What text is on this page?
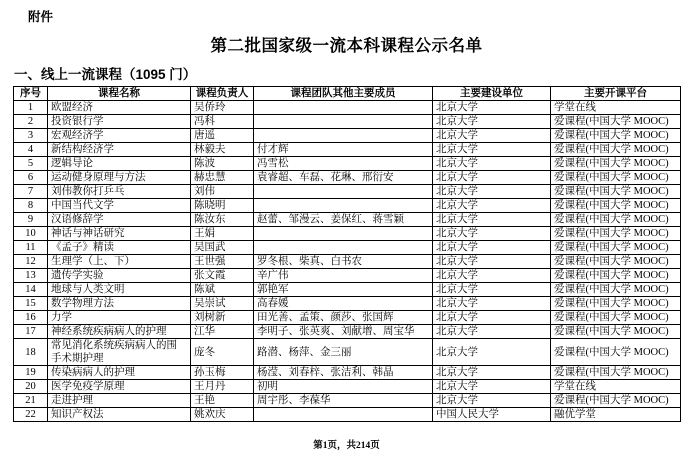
附件
第二批国家级一流本科课程公示名单
一、线上一流课程（1095 门）
序号	课程名称	课程负责人	课程团队其他主要成员	主要建设单位	主要开课平台
1	欧盟经济	吴侨玲		北京大学	学堂在线
2	投资银行学	冯科		北京大学	爱课程(中国大学 MOOC)
3	宏观经济学	唐遥		北京大学	爱课程(中国大学 MOOC)
4	新结构经济学	林毅夫	付才辉	北京大学	爱课程(中国大学 MOOC)
5	逻辑导论	陈波	冯雪松	北京大学	爱课程(中国大学 MOOC)
6	运动健身原理与方法	赫忠慧	袁睿超、车磊、花琳、邢衍安	北京大学	爱课程(中国大学 MOOC)
7	刘伟教你打乒乓	刘伟		北京大学	爱课程(中国大学 MOOC)
8	中国当代文学	陈晓明		北京大学	爱课程(中国大学 MOOC)
9	汉语修辞学	陈汝东	赵蕾、邹漫云、姜保红、蒋雪颖	北京大学	爱课程(中国大学 MOOC)
10	神话与神话研究	王娟		北京大学	爱课程(中国大学 MOOC)
11	《孟子》精读	吴国武		北京大学	爱课程(中国大学 MOOC)
12	生理学（上、下）	王世强	罗冬根、柴真、白书农	北京大学	爱课程(中国大学 MOOC)
13	遗传学实验	张文霞	辛广伟	北京大学	爱课程(中国大学 MOOC)
14	地球与人类文明	陈斌	郭艳军	北京大学	爱课程(中国大学 MOOC)
15	数学物理方法	吴崇试	高春媛	北京大学	爱课程(中国大学 MOOC)
16	力学	刘树新	田光善、孟策、颜莎、张国辉	北京大学	爱课程(中国大学 MOOC)
17	神经系统疾病病人的护理	江华	李明子、张英爽、刘献增、周宝华	北京大学	爱课程(中国大学 MOOC)
18	常见消化系统疾病病人的围手术期护理	庞冬	路潜、杨萍、金三丽	北京大学	爱课程(中国大学 MOOC)
19	传染病病人的护理	孙玉梅	杨滢、刘春梓、张洁利、韩晶	北京大学	爱课程(中国大学 MOOC)
20	医学免疫学原理	王月丹	初明	北京大学	学堂在线
21	走进护理	王艳	周宇彤、李葆华	北京大学	爱课程(中国大学 MOOC)
22	知识产权法	姚欢庆		中国人民大学	融优学堂
第1页，共214页
